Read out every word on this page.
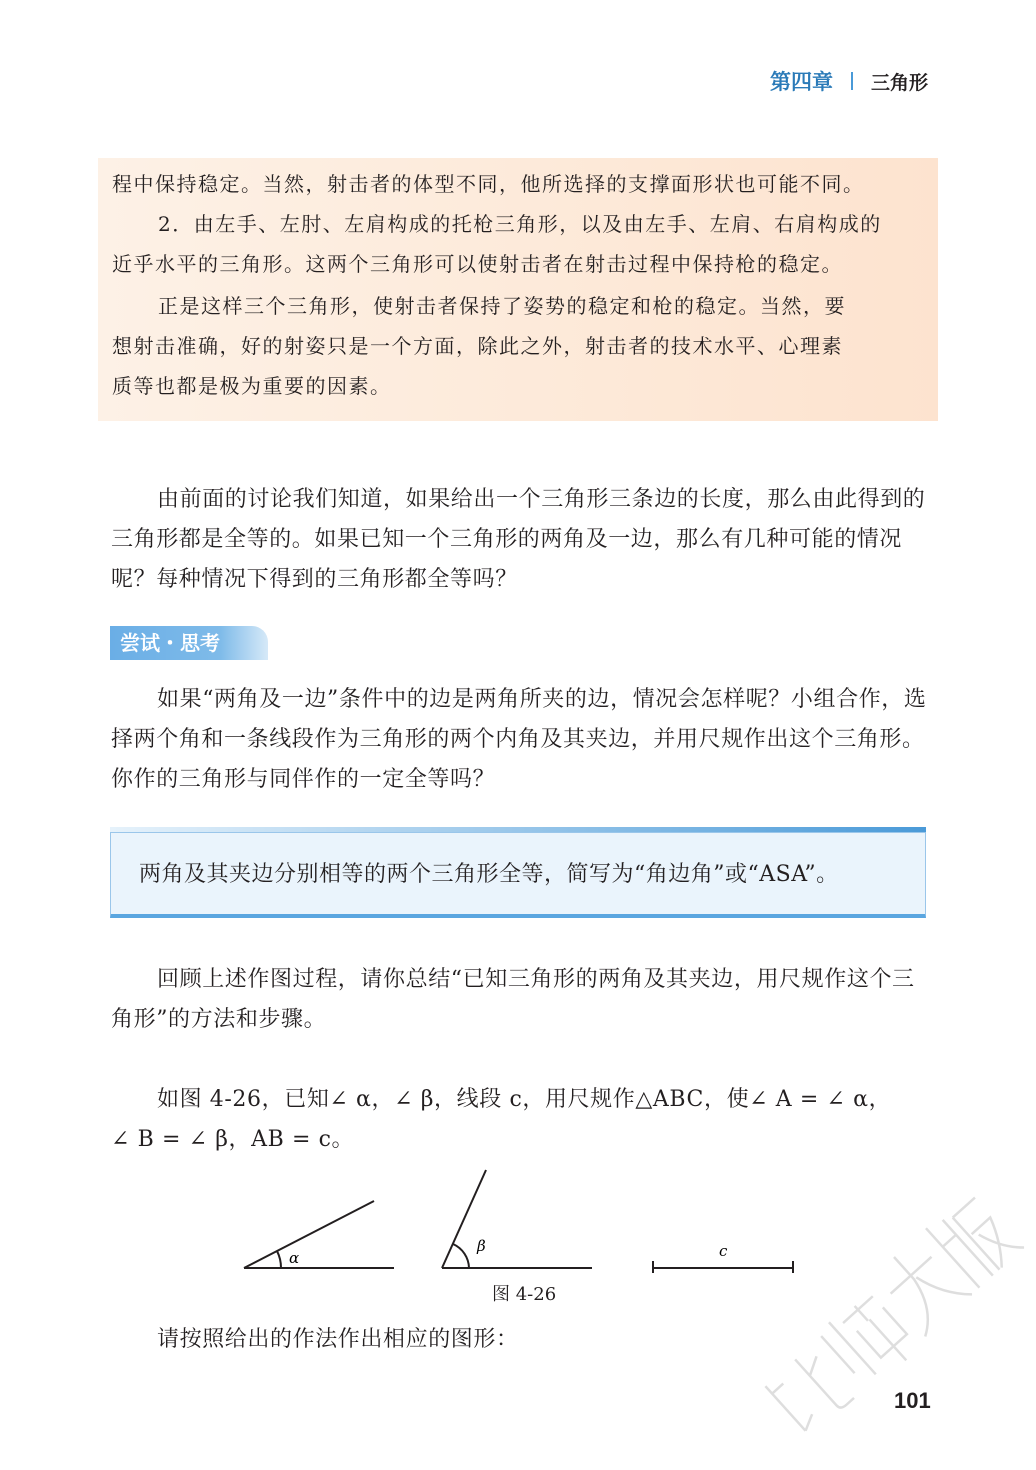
第四章 三角形

程中保持稳定。当然，射击者的体型不同，他所选择的支撑面形状也可能不同。

2．由左手、左肘、左肩构成的托枪三角形，以及由左手、左肩、右肩构成的

近乎水平的三角形。这两个三角形可以使射击者在射击过程中保持枪的稳定。

正是这样三个三角形，使射击者保持了姿势的稳定和枪的稳定。当然，要

想射击准确，好的射姿只是一个方面，除此之外，射击者的技术水平、心理素

质等也都是极为重要的因素。

由前面的讨论我们知道，如果给出一个三角形三条边的长度，那么由此得到的三角形都是全等的。如果已知一个三角形的两角及一边，那么有几种可能的情况呢？每种情况下得到的三角形都全等吗？

尝试・思考

如果“两角及一边”条件中的边是两角所夹的边，情况会怎样呢？小组合作，选择两个角和一条线段作为三角形的两个内角及其夹边，并用尺规作出这个三角形。你作的三角形与同伴作的一定全等吗？

两角及其夹边分别相等的两个三角形全等，简写为“角边角”或“ASA”。

回顾上述作图过程，请你总结“已知三角形的两角及其夹边，用尺规作这个三角形”的方法和步骤。

如图 4-26，已知∠ α，∠ β，线段 c，用尺规作△ABC，使∠ A = ∠ α，

∠ B = ∠ β，AB = c。

α
β	c
图 4-26

请按照给出的作法作出相应的图形：

101
